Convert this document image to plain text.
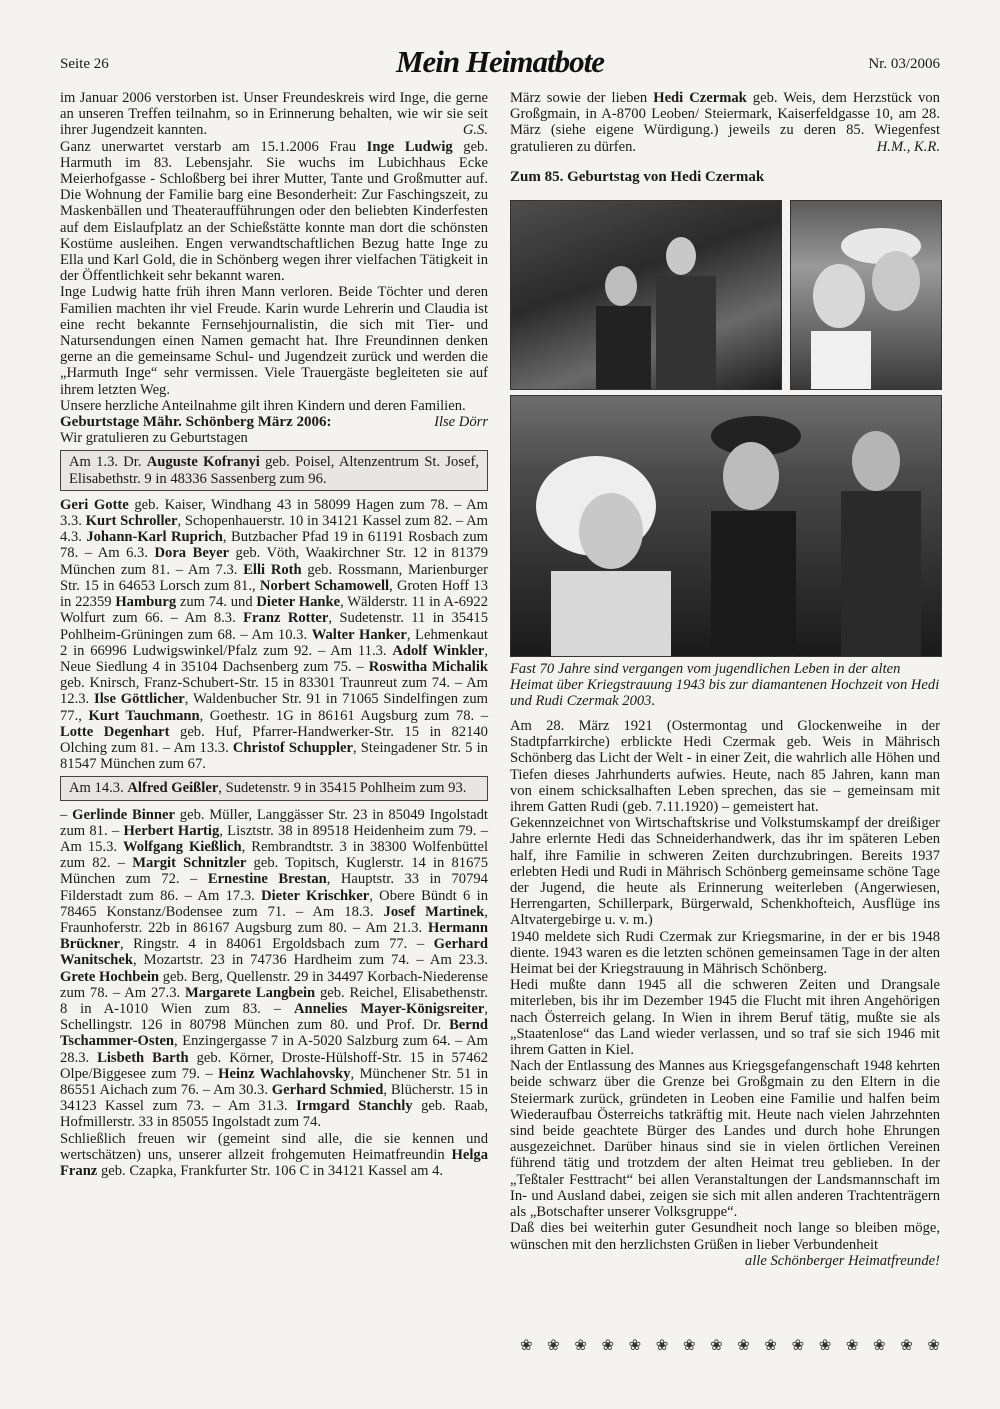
Seite 26	Mein Heimatbote	Nr. 03/2006

im Januar 2006 verstorben ist. Unser Freundeskreis wird Inge, die gerne an unseren Treffen teilnahm, so in Erinnerung behalten, wie wir sie seit ihrer Jugendzeit kannten.	G.S.

Ganz unerwartet verstarb am 15.1.2006 Frau Inge Ludwig geb. Harmuth im 83. Lebensjahr. Sie wuchs im Lubichhaus Ecke Meierhofgasse - Schloßberg bei ihrer Mutter, Tante und Großmutter auf. Die Wohnung der Familie barg eine Besonderheit: Zur Faschingszeit, zu Maskenbällen und Theateraufführungen oder den beliebten Kinderfesten auf dem Eislaufplatz an der Schießstätte konnte man dort die schönsten Kostüme ausleihen. Engen verwandtschaftlichen Bezug hatte Inge zu Ella und Karl Gold, die in Schönberg wegen ihrer vielfachen Tätigkeit in der Öffentlichkeit sehr bekannt waren.

Inge Ludwig hatte früh ihren Mann verloren. Beide Töchter und deren Familien machten ihr viel Freude. Karin wurde Lehrerin und Claudia ist eine recht bekannte Fernsehjournalistin, die sich mit Tier- und Natursendungen einen Namen gemacht hat. Ihre Freundinnen denken gerne an die gemeinsame Schul- und Jugendzeit zurück und werden die „Harmuth Inge“ sehr vermissen. Viele Trauergäste begleiteten sie auf ihrem letzten Weg.

Unsere herzliche Anteilnahme gilt ihren Kindern und deren Familien.
Ilse Dörr

Geburtstage Mähr. Schönberg März 2006:

Wir gratulieren zu Geburtstagen

Am 1.3. Dr. Auguste Kofranyi geb. Poisel, Altenzentrum St. Josef, Elisabethstr. 9 in 48336 Sassenberg zum 96.

Geri Gotte geb. Kaiser, Windhang 43 in 58099 Hagen zum 78. – Am 3.3. Kurt Schroller, Schopenhauerstr. 10 in 34121 Kassel zum 82. – Am 4.3. Johann-Karl Ruprich, Butzbacher Pfad 19 in 61191 Rosbach zum 78. – Am 6.3. Dora Beyer geb. Vöth, Waakirchner Str. 12 in 81379 München zum 81. – Am 7.3. Elli Roth geb. Rossmann, Marienburger Str. 15 in 64653 Lorsch zum 81., Norbert Schamowell, Groten Hoff 13 in 22359 Hamburg zum 74. und Dieter Hanke, Wälderstr. 11 in A-6922 Wolfurt zum 66. – Am 8.3. Franz Rotter, Sudetenstr. 11 in 35415 Pohlheim-Grüningen zum 68. – Am 10.3. Walter Hanker, Lehmenkaut 2 in 66996 Ludwigswinkel/Pfalz zum 92. – Am 11.3. Adolf Winkler, Neue Siedlung 4 in 35104 Dachsenberg zum 75. – Roswitha Michalik geb. Knirsch, Franz-Schubert-Str. 15 in 83301 Traunreut zum 74. – Am 12.3. Ilse Göttlicher, Waldenbucher Str. 91 in 71065 Sindelfingen zum 77., Kurt Tauchmann, Goethestr. 1G in 86161 Augsburg zum 78. – Lotte Degenhart geb. Huf, Pfarrer-Handwerker-Str. 15 in 82140 Olching zum 81. – Am 13.3. Christof Schuppler, Steingadener Str. 5 in 81547 München zum 67.

Am 14.3. Alfred Geißler, Sudetenstr. 9 in 35415 Pohlheim zum 93.

– Gerlinde Binner geb. Müller, Langgässer Str. 23 in 85049 Ingolstadt zum 81. – Herbert Hartig, Lisztstr. 38 in 89518 Heidenheim zum 79. – Am 15.3. Wolfgang Kießlich, Rembrandtstr. 3 in 38300 Wolfenbüttel zum 82. – Margit Schnitzler geb. Topitsch, Kuglerstr. 14 in 81675 München zum 72. – Ernestine Brestan, Hauptstr. 33 in 70794 Filderstadt zum 86. – Am 17.3. Dieter Krischker, Obere Bündt 6 in 78465 Konstanz/Bodensee zum 71. – Am 18.3. Josef Martinek, Fraunhoferstr. 22b in 86167 Augsburg zum 80. – Am 21.3. Hermann Brückner, Ringstr. 4 in 84061 Ergoldsbach zum 77. – Gerhard Wanitschek, Mozartstr. 23 in 74736 Hardheim zum 74. – Am 23.3. Grete Hochbein geb. Berg, Quellenstr. 29 in 34497 Korbach-Niederense zum 78. – Am 27.3. Margarete Langbein geb. Reichel, Elisabethenstr. 8 in A-1010 Wien zum 83. – Annelies Mayer-Königsreiter, Schellingstr. 126 in 80798 München zum 80. und Prof. Dr. Bernd Tschammer-Osten, Enzingergasse 7 in A-5020 Salzburg zum 64. – Am 28.3. Lisbeth Barth geb. Körner, Droste-Hülshoff-Str. 15 in 57462 Olpe/Biggesee zum 79. – Heinz Wachlahovsky, Münchener Str. 51 in 86551 Aichach zum 76. – Am 30.3. Gerhard Schmied, Blücherstr. 15 in 34123 Kassel zum 73. – Am 31.3. Irmgard Stanchly geb. Raab, Hofmillerstr. 33 in 85055 Ingolstadt zum 74.

Schließlich freuen wir (gemeint sind alle, die sie kennen und wertschätzen) uns, unserer allzeit frohgemuten Heimatfreundin Helga Franz geb. Czapka, Frankfurter Str. 106 C in 34121 Kassel am 4.

März sowie der lieben Hedi Czermak geb. Weis, dem Herzstück von Großgmain, in A-8700 Leoben/ Steiermark, Kaiserfeldgasse 10, am 28. März (siehe eigene Würdigung.) jeweils zu deren 85. Wiegenfest gratulieren zu dürfen.	H.M., K.R.

Zum 85. Geburtstag von Hedi Czermak
Fast 70 Jahre sind vergangen vom jugendlichen Leben in der alten Heimat über Kriegstrauung 1943 bis zur diamantenen Hochzeit von Hedi und Rudi Czermak 2003.

Am 28. März 1921 (Ostermontag und Glockenweihe in der Stadtpfarrkirche) erblickte Hedi Czermak geb. Weis in Mährisch Schönberg das Licht der Welt - in einer Zeit, die wahrlich alle Höhen und Tiefen dieses Jahrhunderts aufwies. Heute, nach 85 Jahren, kann man von einem schicksalhaften Leben sprechen, das sie – gemeinsam mit ihrem Gatten Rudi (geb. 7.11.1920) – gemeistert hat.

Gekennzeichnet von Wirtschaftskrise und Volkstumskampf der dreißiger Jahre erlernte Hedi das Schneiderhandwerk, das ihr im späteren Leben half, ihre Familie in schweren Zeiten durchzubringen. Bereits 1937 erlebten Hedi und Rudi in Mährisch Schönberg gemeinsame schöne Tage der Jugend, die heute als Erinnerung weiterleben (Angerwiesen, Herrengarten, Schillerpark, Bürgerwald, Schenkhofteich, Ausflüge ins Altvatergebirge u. v. m.)

1940 meldete sich Rudi Czermak zur Kriegsmarine, in der er bis 1948 diente. 1943 waren es die letzten schönen gemeinsamen Tage in der alten Heimat bei der Kriegstrauung in Mährisch Schönberg.

Hedi mußte dann 1945 all die schweren Zeiten und Drangsale miterleben, bis ihr im Dezember 1945 die Flucht mit ihren Angehörigen nach Österreich gelang. In Wien in ihrem Beruf tätig, mußte sie als „Staatenlose“ das Land wieder verlassen, und so traf sie sich 1946 mit ihrem Gatten in Kiel.

Nach der Entlassung des Mannes aus Kriegsgefangenschaft 1948 kehrten beide schwarz über die Grenze bei Großgmain zu den Eltern in die Steiermark zurück, gründeten in Leoben eine Familie und halfen beim Wiederaufbau Österreichs tatkräftig mit. Heute nach vielen Jahrzehnten sind beide geachtete Bürger des Landes und durch hohe Ehrungen ausgezeichnet. Darüber hinaus sind sie in vielen örtlichen Vereinen führend tätig und trotzdem der alten Heimat treu geblieben. In der „Teßtaler Festtracht“ bei allen Veranstaltungen der Landsmannschaft im In- und Ausland dabei, zeigen sie sich mit allen anderen Trachtenträgern als „Botschafter unserer Volksgruppe“.

Daß dies bei weiterhin guter Gesundheit noch lange so bleiben möge, wünschen mit den herzlichsten Grüßen in lieber Verbundenheit

alle Schönberger Heimatfreunde!

❀ ❀ ❀ ❀ ❀ ❀ ❀ ❀ ❀ ❀ ❀ ❀ ❀ ❀ ❀ ❀
